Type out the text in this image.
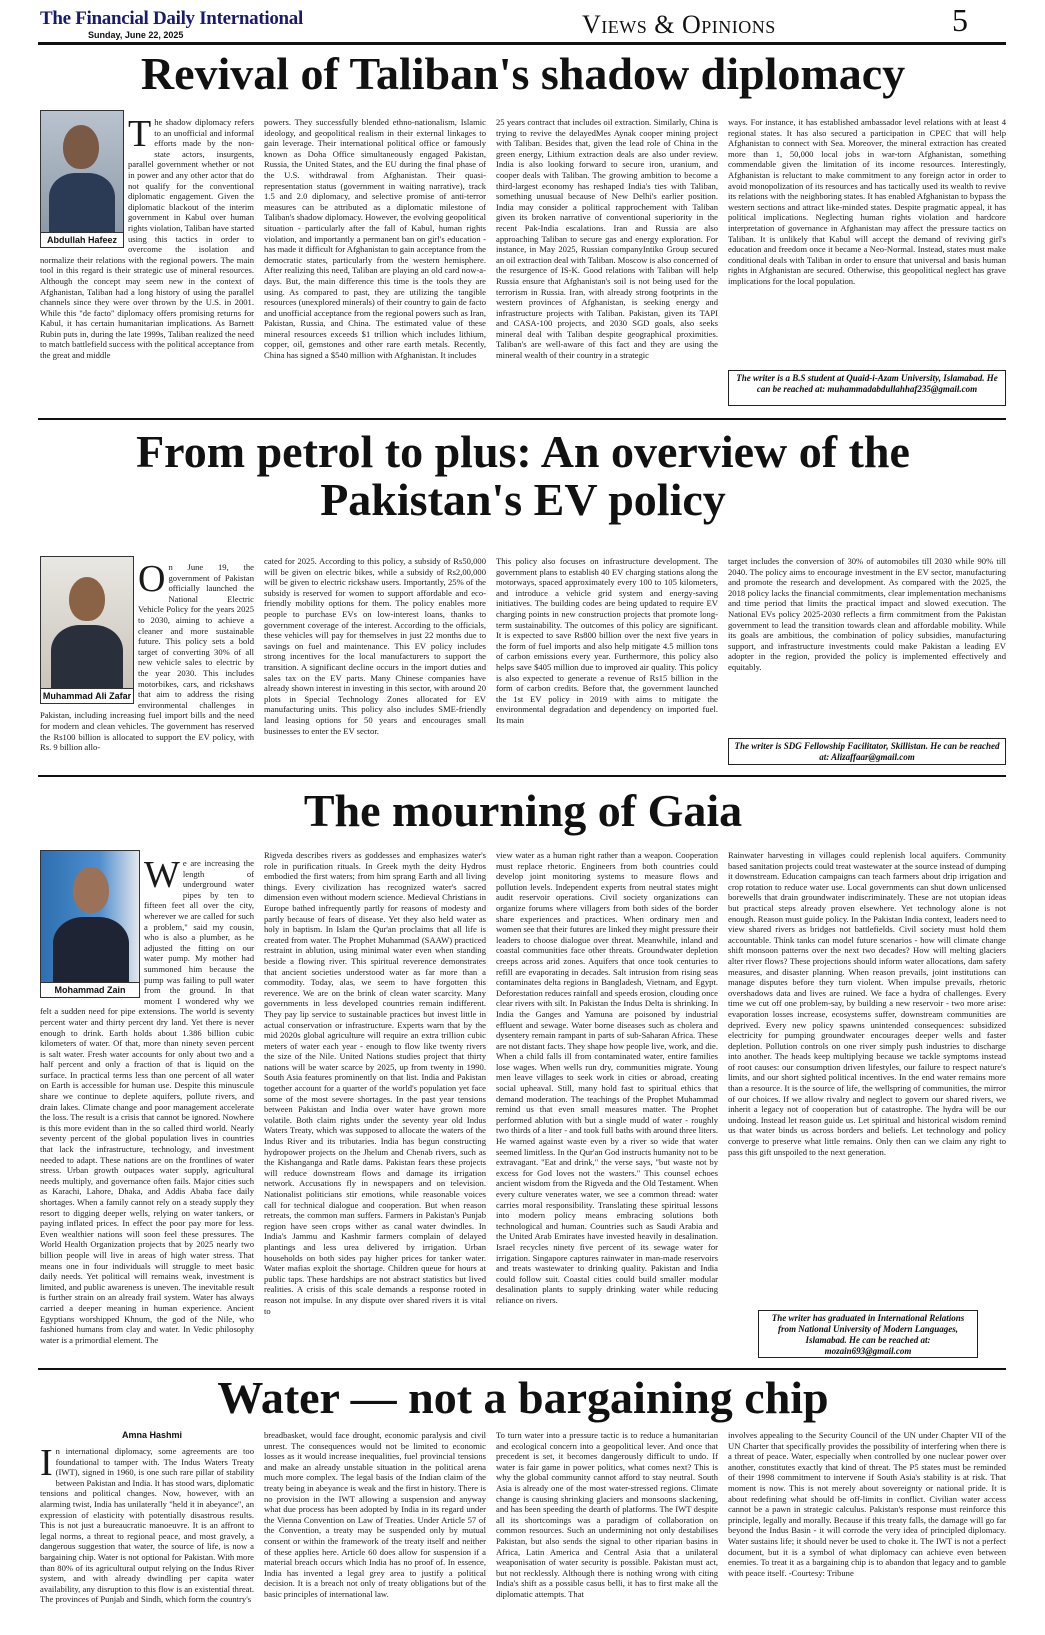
The Financial Daily International
Sunday, June 22, 2025	Views & Opinions	5
Revival of Taliban's shadow diplomacy
Abdullah Hafeez
The shadow diplomacy refers to an unofficial and informal efforts made by the non-state actors, insurgents, parallel government whether or not in power and any other actor that do not qualify for the conventional diplomatic engagement. Given the diplomatic blackout of the interim government in Kabul over human rights violation, Taliban have started using this tactics in order to overcome the isolation and normalize their relations with the regional powers. The main tool in this regard is their strategic use of mineral resources. Although the concept may seem new in the context of Afghanistan, Taliban had a long history of using the parallel channels since they were over thrown by the U.S. in 2001. While this "de facto" diplomacy offers promising returns for Kabul, it has certain humanitarian implications. As Barnett Rubin puts in, during the late 1999s, Taliban realized the need to match battlefield success with the political acceptance from the great and middle
powers. They successfully blended ethno-nationalism, Islamic ideology, and geopolitical realism in their external linkages to gain leverage. Their international political office or famously known as Doha Office simultaneously engaged Pakistan, Russia, the United States, and the EU during the final phase of the U.S. withdrawal from Afghanistan. Their quasi-representation status (government in waiting narrative), track 1.5 and 2.0 diplomacy, and selective promise of anti-terror measures can be attributed as a diplomatic milestone of Taliban's shadow diplomacy. However, the evolving geopolitical situation - particularly after the fall of Kabul, human rights violation, and importantly a permanent ban on girl's education - has made it difficult for Afghanistan to gain acceptance from the democratic states, particularly from the western hemisphere. After realizing this need, Taliban are playing an old card now-a-days. But, the main difference this time is the tools they are using. As compared to past, they are utilizing the tangible resources (unexplored minerals) of their country to gain de facto and unofficial acceptance from the regional powers such as Iran, Pakistan, Russia, and China. The estimated value of these mineral resources exceeds $1 trillion which includes lithium, copper, oil, gemstones and other rare earth metals. Recently, China has signed a $540 million with Afghanistan. It includes
25 years contract that includes oil extraction. Similarly, China is trying to revive the delayedMes Aynak cooper mining project with Taliban. Besides that, given the lead role of China in the green energy, Lithium extraction deals are also under review. India is also looking forward to secure iron, uranium, and cooper deals with Taliban. The growing ambition to become a third-largest economy has reshaped India's ties with Taliban, something unusual because of New Delhi's earlier position. India may consider a political rapprochement with Taliban given its broken narrative of conventional superiority in the recent Pak-India escalations. Iran and Russia are also approaching Taliban to secure gas and energy exploration. For instance, in May 2025, Russian companyIntiko Group secured an oil extraction deal with Taliban. Moscow is also concerned of the resurgence of IS-K. Good relations with Taliban will help Russia ensure that Afghanistan's soil is not being used for the terrorism in Russia. Iran, with already strong footprints in the western provinces of Afghanistan, is seeking energy and infrastructure projects with Taliban. Pakistan, given its TAPI and CASA-100 projects, and 2030 SGD goals, also seeks mineral deal with Taliban despite geographical proximities. Taliban's are well-aware of this fact and they are using the mineral wealth of their country in a strategic
ways. For instance, it has established ambassador level relations with at least 4 regional states. It has also secured a participation in CPEC that will help Afghanistan to connect with Sea. Moreover, the mineral extraction has created more than 1, 50,000 local jobs in war-torn Afghanistan, something commendable given the limitation of its income resources. Interestingly, Afghanistan is reluctant to make commitment to any foreign actor in order to avoid monopolization of its resources and has tactically used its wealth to revive its relations with the neighboring states. It has enabled Afghanistan to bypass the western sections and attract like-minded states. Despite pragmatic appeal, it has political implications. Neglecting human rights violation and hardcore interpretation of governance in Afghanistan may affect the pressure tactics on Taliban. It is unlikely that Kabul will accept the demand of reviving girl's education and freedom once it became a Neo-Normal. Instead, states must make conditional deals with Taliban in order to ensure that universal and basis human rights in Afghanistan are secured. Otherwise, this geopolitical neglect has grave implications for the local population.
The writer is a B.S student at Quaid-i-Azam University, Islamabad. He can be reached at: muhammadabdullahhaf235@gmail.com
From petrol to plus: An overview of the Pakistan's EV policy
Muhammad Ali Zafar
On June 19, the government of Pakistan officially launched the National Electric Vehicle Policy for the years 2025 to 2030, aiming to achieve a cleaner and more sustainable future. This policy sets a bold target of converting 30% of all new vehicle sales to electric by the year 2030. This includes motorbikes, cars, and rickshaws that aim to address the rising environmental challenges in Pakistan, including increasing fuel import bills and the need for modern and clean vehicles. The government has reserved the Rs100 billion is allocated to support the EV policy, with Rs. 9 billion allo-
cated for 2025. According to this policy, a subsidy of Rs50,000 will be given on electric bikes, while a subsidy of Rs2,00,000 will be given to electric rickshaw users. Importantly, 25% of the subsidy is reserved for women to support affordable and eco-friendly mobility options for them. The policy enables more people to purchase EVs on low-interest loans, thanks to government coverage of the interest. According to the officials, these vehicles will pay for themselves in just 22 months due to savings on fuel and maintenance. This EV policy includes strong incentives for the local manufacturers to support the transition. A significant decline occurs in the import duties and sales tax on the EV parts. Many Chinese companies have already shown interest in investing in this sector, with around 20 plots in Special Technology Zones allocated for EV manufacturing units. This policy also includes SME-friendly land leasing options for 50 years and encourages small businesses to enter the EV sector.
This policy also focuses on infrastructure development. The government plans to establish 40 EV charging stations along the motorways, spaced approximately every 100 to 105 kilometers, and introduce a vehicle grid system and energy-saving initiatives. The building codes are being updated to require EV charging points in new construction projects that promote long-term sustainability. The outcomes of this policy are significant. It is expected to save Rs800 billion over the next five years in the form of fuel imports and also help mitigate 4.5 million tons of carbon emissions every year. Furthermore, this policy also helps save $405 million due to improved air quality. This policy is also expected to generate a revenue of Rs15 billion in the form of carbon credits. Before that, the government launched the 1st EV policy in 2019 with aims to mitigate the environmental degradation and dependency on imported fuel. Its main
target includes the conversion of 30% of automobiles till 2030 while 90% till 2040. The policy aims to encourage investment in the EV sector, manufacturing and promote the research and development. As compared with the 2025, the 2018 policy lacks the financial commitments, clear implementation mechanisms and time period that limits the practical impact and slowed execution. The National EVs policy 2025-2030 reflects a firm commitment from the Pakistan government to lead the transition towards clean and affordable mobility. While its goals are ambitious, the combination of policy subsidies, manufacturing support, and infrastructure investments could make Pakistan a leading EV adopter in the region, provided the policy is implemented effectively and equitably.
The writer is SDG Fellowship Facilitator, Skillistan. He can be reached at: Alizaffaar@gmail.com
The mourning of Gaia
Mohammad Zain
We are increasing the length of underground water pipes by ten to fifteen feet all over the city, wherever we are called for such a problem," said my cousin, who is also a plumber, as he adjusted the fitting on our water pump. My mother had summoned him because the pump was failing to pull water from the ground. In that moment I wondered why we felt a sudden need for pipe extensions. The world is seventy percent water and thirty percent dry land. Yet there is never enough to drink. Earth holds about 1.386 billion cubic kilometers of water. Of that, more than ninety seven percent is salt water. Fresh water accounts for only about two and a half percent and only a fraction of that is liquid on the surface. In practical terms less than one percent of all water on Earth is accessible for human use. Despite this minuscule share we continue to deplete aquifers, pollute rivers, and drain lakes. Climate change and poor management accelerate the loss. The result is a crisis that cannot be ignored. Nowhere is this more evident than in the so called third world. Nearly seventy percent of the global population lives in countries that lack the infrastructure, technology, and investment needed to adapt. These nations are on the frontlines of water stress. Urban growth outpaces water supply, agricultural needs multiply, and governance often fails. Major cities such as Karachi, Lahore, Dhaka, and Addis Ababa face daily shortages. When a family cannot rely on a steady supply they resort to digging deeper wells, relying on water tankers, or paying inflated prices. In effect the poor pay more for less. Even wealthier nations will soon feel these pressures. The World Health Organization projects that by 2025 nearly two billion people will live in areas of high water stress. That means one in four individuals will struggle to meet basic daily needs. Yet political will remains weak, investment is limited, and public awareness is uneven. The inevitable result is further strain on an already frail system. Water has always carried a deeper meaning in human experience. Ancient Egyptians worshipped Khnum, the god of the Nile, who fashioned humans from clay and water. In Vedic philosophy water is a primordial element. The
Rigveda describes rivers as goddesses and emphasizes water's role in purification rituals. In Greek myth the deity Hydros embodied the first waters; from him sprang Earth and all living things. Every civilization has recognized water's sacred dimension even without modern science. Medieval Christians in Europe bathed infrequently partly for reasons of modesty and partly because of fears of disease. Yet they also held water as holy in baptism. In Islam the Qur'an proclaims that all life is created from water. The Prophet Muhammad (SAAW) practiced restraint in ablution, using minimal water even when standing beside a flowing river. This spiritual reverence demonstrates that ancient societies understood water as far more than a commodity. Today, alas, we seem to have forgotten this reverence. We are on the brink of clean water scarcity. Many governments in less developed countries remain indifferent. They pay lip service to sustainable practices but invest little in actual conservation or infrastructure. Experts warn that by the mid 2020s global agriculture will require an extra trillion cubic meters of water each year - enough to flow like twenty rivers the size of the Nile. United Nations studies project that thirty nations will be water scarce by 2025, up from twenty in 1990. South Asia features prominently on that list. India and Pakistan together account for a quarter of the world's population yet face some of the most severe shortages. In the past year tensions between Pakistan and India over water have grown more volatile. Both claim rights under the seventy year old Indus Waters Treaty, which was supposed to allocate the waters of the Indus River and its tributaries. India has begun constructing hydropower projects on the Jhelum and Chenab rivers, such as the Kishanganga and Ratle dams. Pakistan fears these projects will reduce downstream flows and damage its irrigation network. Accusations fly in newspapers and on television. Nationalist politicians stir emotions, while reasonable voices call for technical dialogue and cooperation. But when reason retreats, the common man suffers. Farmers in Pakistan's Punjab region have seen crops wither as canal water dwindles. In India's Jammu and Kashmir farmers complain of delayed plantings and less urea delivered by irrigation. Urban households on both sides pay higher prices for tanker water. Water mafias exploit the shortage. Children queue for hours at public taps. These hardships are not abstract statistics but lived realities. A crisis of this scale demands a response rooted in reason not impulse. In any dispute over shared rivers it is vital to
view water as a human right rather than a weapon. Cooperation must replace rhetoric. Engineers from both countries could develop joint monitoring systems to measure flows and pollution levels. Independent experts from neutral states might audit reservoir operations. Civil society organizations can organize forums where villagers from both sides of the border share experiences and practices. When ordinary men and women see that their futures are linked they might pressure their leaders to choose dialogue over threat. Meanwhile, inland and coastal communities face other threats. Groundwater depletion creeps across arid zones. Aquifers that once took centuries to refill are evaporating in decades. Salt intrusion from rising seas contaminates delta regions in Bangladesh, Vietnam, and Egypt. Deforestation reduces rainfall and speeds erosion, clouding once clear rivers with silt. In Pakistan the Indus Delta is shrinking. In India the Ganges and Yamuna are poisoned by industrial effluent and sewage. Water borne diseases such as cholera and dysentery remain rampant in parts of sub-Saharan Africa. These are not distant facts. They shape how people live, work, and die. When a child falls ill from contaminated water, entire families lose wages. When wells run dry, communities migrate. Young men leave villages to seek work in cities or abroad, creating social upheaval. Still, many hold fast to spiritual ethics that demand moderation. The teachings of the Prophet Muhammad remind us that even small measures matter. The Prophet performed ablution with but a single mudd of water - roughly two thirds of a liter - and took full baths with around three liters. He warned against waste even by a river so wide that water seemed limitless. In the Qur'an God instructs humanity not to be extravagant. "Eat and drink," the verse says, "but waste not by excess for God loves not the wasters." This counsel echoes ancient wisdom from the Rigveda and the Old Testament. When every culture venerates water, we see a common thread: water carries moral responsibility. Translating these spiritual lessons into modern policy means embracing solutions both technological and human. Countries such as Saudi Arabia and the United Arab Emirates have invested heavily in desalination. Israel recycles ninety five percent of its sewage water for irrigation. Singapore captures rainwater in man-made reservoirs and treats wastewater to drinking quality. Pakistan and India could follow suit. Coastal cities could build smaller modular desalination plants to supply drinking water while reducing reliance on rivers.
Rainwater harvesting in villages could replenish local aquifers. Community based sanitation projects could treat wastewater at the source instead of dumping it downstream. Education campaigns can teach farmers about drip irrigation and crop rotation to reduce water use. Local governments can shut down unlicensed borewells that drain groundwater indiscriminately. These are not utopian ideas but practical steps already proven elsewhere. Yet technology alone is not enough. Reason must guide policy. In the Pakistan India context, leaders need to view shared rivers as bridges not battlefields. Civil society must hold them accountable. Think tanks can model future scenarios - how will climate change shift monsoon patterns over the next two decades? How will melting glaciers alter river flows? These projections should inform water allocations, dam safety measures, and disaster planning. When reason prevails, joint institutions can manage disputes before they turn violent. When impulse prevails, rhetoric overshadows data and lives are ruined. We face a hydra of challenges. Every time we cut off one problem-say, by building a new reservoir - two more arise: evaporation losses increase, ecosystems suffer, downstream communities are deprived. Every new policy spawns unintended consequences: subsidized electricity for pumping groundwater encourages deeper wells and faster depletion. Pollution controls on one river simply push industries to discharge into another. The heads keep multiplying because we tackle symptoms instead of root causes: our consumption driven lifestyles, our failure to respect nature's limits, and our short sighted political incentives. In the end water remains more than a resource. It is the source of life, the wellspring of communities, the mirror of our choices. If we allow rivalry and neglect to govern our shared rivers, we inherit a legacy not of cooperation but of catastrophe. The hydra will be our undoing. Instead let reason guide us. Let spiritual and historical wisdom remind us that water binds us across borders and beliefs. Let technology and policy converge to preserve what little remains. Only then can we claim any right to pass this gift unspoiled to the next generation.
The writer has graduated in International Relations from National University of Modern Languages, Islamabad. He can be reached at: mozain693@gmail.com
Water — not a bargaining chip
Amna Hashmi
In international diplomacy, some agreements are too foundational to tamper with. The Indus Waters Treaty (IWT), signed in 1960, is one such rare pillar of stability between Pakistan and India. It has stood wars, diplomatic tensions and political changes. Now, however, with an alarming twist, India has unilaterally "held it in abeyance", an expression of elasticity with potentially disastrous results. This is not just a bureaucratic manoeuvre. It is an affront to legal norms, a threat to regional peace, and most gravely, a dangerous suggestion that water, the source of life, is now a bargaining chip. Water is not optional for Pakistan. With more than 80% of its agricultural output relying on the Indus River system, and with already dwindling per capita water availability, any disruption to this flow is an existential threat. The provinces of Punjab and Sindh, which form the country's
breadbasket, would face drought, economic paralysis and civil unrest. The consequences would not be limited to economic losses as it would increase inequalities, fuel provincial tensions and make an already unstable situation in the political arena much more complex. The legal basis of the Indian claim of the treaty being in abeyance is weak and the first in history. There is no provision in the IWT allowing a suspension and anyway what due process has been adopted by India in its regard under the Vienna Convention on Law of Treaties. Under Article 57 of the Convention, a treaty may be suspended only by mutual consent or within the framework of the treaty itself and neither of these applies here. Article 60 does allow for suspension if a material breach occurs which India has no proof of. In essence, India has invented a legal grey area to justify a political decision. It is a breach not only of treaty obligations but of the basic principles of international law.
To turn water into a pressure tactic is to reduce a humanitarian and ecological concern into a geopolitical lever. And once that precedent is set, it becomes dangerously difficult to undo. If water is fair game in power politics, what comes next? This is why the global community cannot afford to stay neutral. South Asia is already one of the most water-stressed regions. Climate change is causing shrinking glaciers and monsoons slackening, and has been speeding the dearth of platforms. The IWT despite all its shortcomings was a paradigm of collaboration on common resources. Such an undermining not only destabilises Pakistan, but also sends the signal to other riparian basins in Africa, Latin America and Central Asia that a unilateral weaponisation of water security is possible. Pakistan must act, but not recklessly. Although there is nothing wrong with citing India's shift as a possible casus belli, it has to first make all the diplomatic attempts. That
involves appealing to the Security Council of the UN under Chapter VII of the UN Charter that specifically provides the possibility of interfering when there is a threat of peace. Water, especially when controlled by one nuclear power over another, constitutes exactly that kind of threat. The P5 states must be reminded of their 1998 commitment to intervene if South Asia's stability is at risk. That moment is now. This is not merely about sovereignty or national pride. It is about redefining what should be off-limits in conflict. Civilian water access cannot be a pawn in strategic calculus. Pakistan's response must reinforce this principle, legally and morally. Because if this treaty falls, the damage will go far beyond the Indus Basin - it will corrode the very idea of principled diplomacy. Water sustains life; it should never be used to choke it. The IWT is not a perfect document, but it is a symbol of what diplomacy can achieve even between enemies. To treat it as a bargaining chip is to abandon that legacy and to gamble with peace itself. -Courtesy: Tribune
